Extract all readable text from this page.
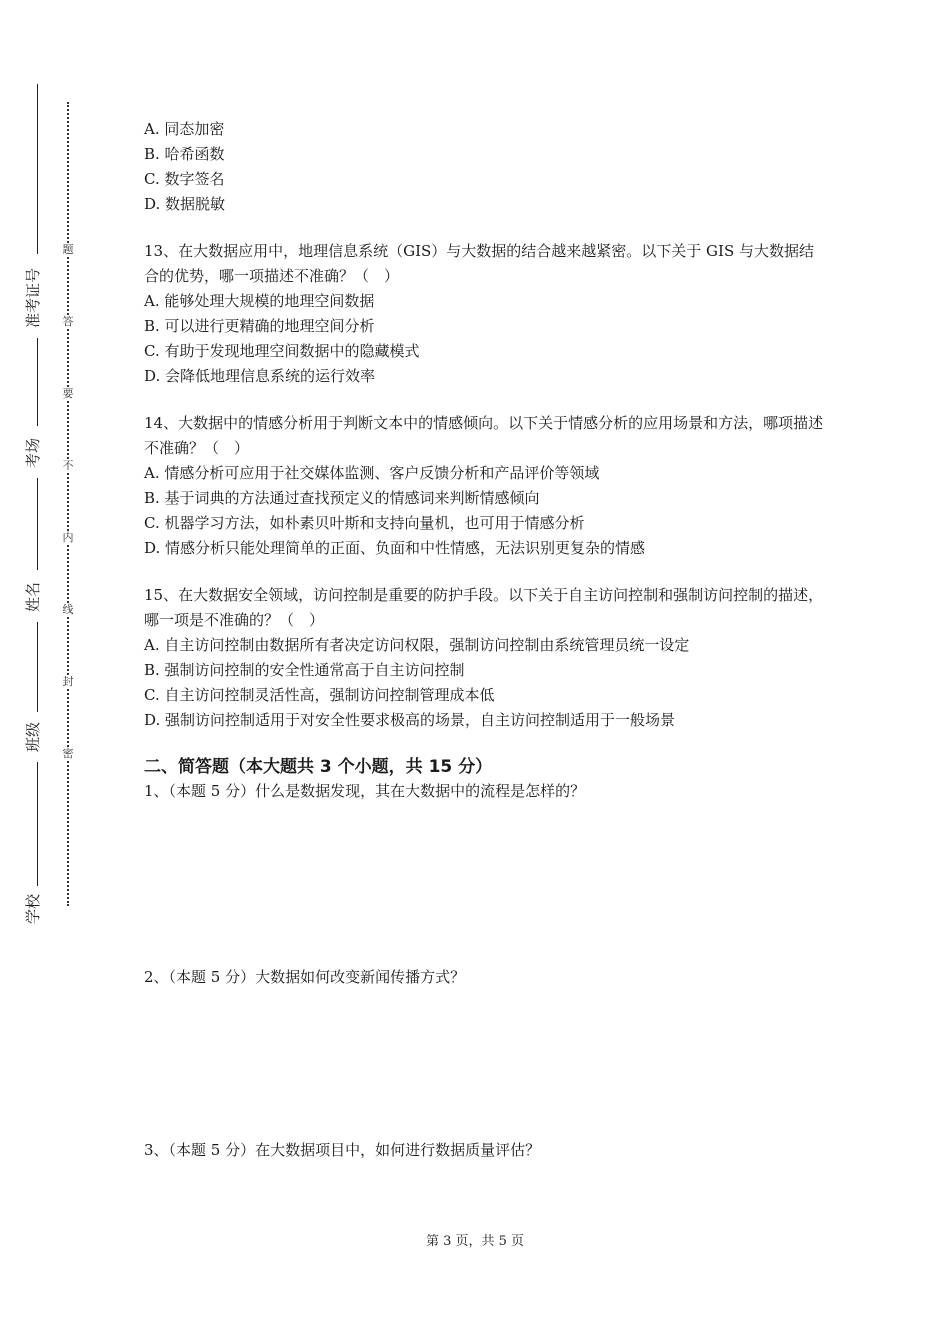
准考证号
考场
姓名
班级
学校
题
答
要
不
内
线
封
密
A. 同态加密
B. 哈希函数
C. 数字签名
D. 数据脱敏
13、在大数据应用中，地理信息系统（GIS）与大数据的结合越来越紧密。以下关于 GIS 与大数据结合的优势，哪一项描述不准确？（　）
A. 能够处理大规模的地理空间数据
B. 可以进行更精确的地理空间分析
C. 有助于发现地理空间数据中的隐藏模式
D. 会降低地理信息系统的运行效率
14、大数据中的情感分析用于判断文本中的情感倾向。以下关于情感分析的应用场景和方法，哪项描述不准确？（　）
A. 情感分析可应用于社交媒体监测、客户反馈分析和产品评价等领域
B. 基于词典的方法通过查找预定义的情感词来判断情感倾向
C. 机器学习方法，如朴素贝叶斯和支持向量机，也可用于情感分析
D. 情感分析只能处理简单的正面、负面和中性情感，无法识别更复杂的情感
15、在大数据安全领域，访问控制是重要的防护手段。以下关于自主访问控制和强制访问控制的描述，哪一项是不准确的？（　）
A. 自主访问控制由数据所有者决定访问权限，强制访问控制由系统管理员统一设定
B. 强制访问控制的安全性通常高于自主访问控制
C. 自主访问控制灵活性高，强制访问控制管理成本低
D. 强制访问控制适用于对安全性要求极高的场景，自主访问控制适用于一般场景
二、简答题（本大题共 3 个小题，共 15 分）
1、（本题 5 分）什么是数据发现，其在大数据中的流程是怎样的？
2、（本题 5 分）大数据如何改变新闻传播方式？
3、（本题 5 分）在大数据项目中，如何进行数据质量评估？
第 3 页，共 5 页
